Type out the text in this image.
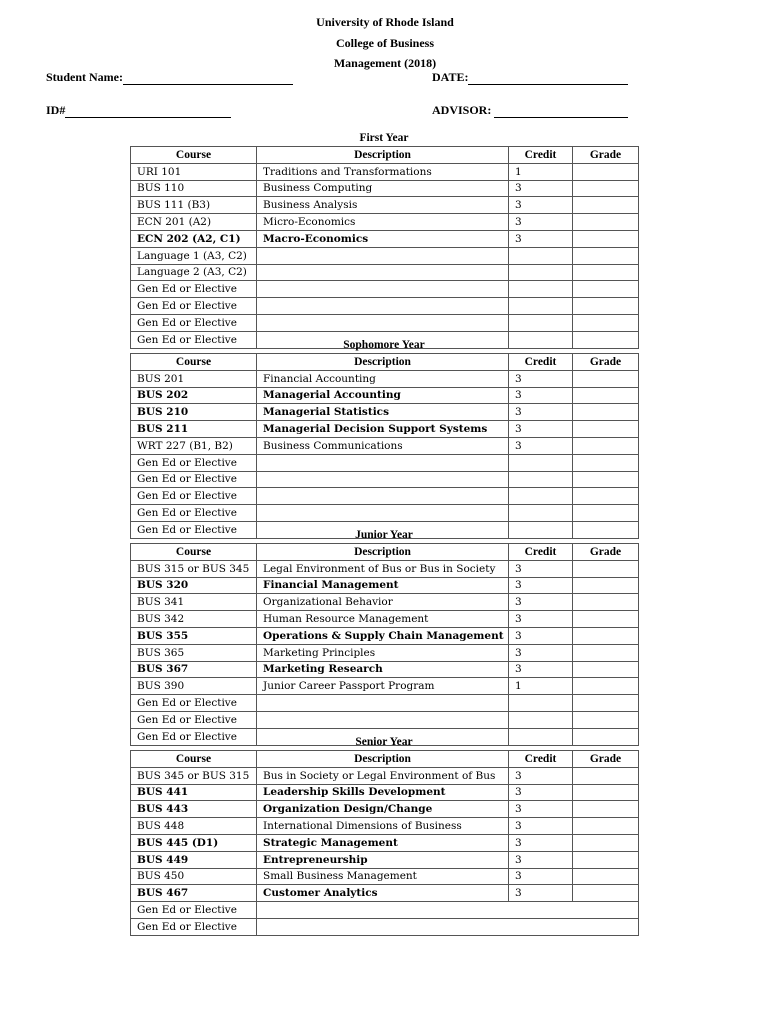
University of Rhode Island
College of Business
Management (2018)
Student Name:	DATE:
ID#	ADVISOR:
First Year
Course	Description	Credit	Grade
URI 101	Traditions and Transformations	1	
BUS 110	Business Computing	3	
BUS 111 (B3)	Business Analysis	3	
ECN 201 (A2)	Micro-Economics	3	
ECN 202 (A2, C1)	Macro-Economics	3	
Language 1 (A3, C2)			
Language 2 (A3, C2)			
Gen Ed or Elective			
Gen Ed or Elective			
Gen Ed or Elective			
Gen Ed or Elective				Sophomore Year
Course	Description	Credit	Grade
BUS 201	Financial Accounting	3	
BUS 202	Managerial Accounting	3	
BUS 210	Managerial Statistics	3	
BUS 211	Managerial Decision Support Systems	3	
WRT 227 (B1, B2)	Business Communications	3	
Gen Ed or Elective			
Gen Ed or Elective			
Gen Ed or Elective			
Gen Ed or Elective			
Gen Ed or Elective				Junior Year
Course	Description	Credit	Grade
BUS 315 or BUS 345	Legal Environment of Bus or Bus in Society	3	
BUS 320	Financial Management	3	
BUS 341	Organizational Behavior	3	
BUS 342	Human Resource Management	3	
BUS 355	Operations & Supply Chain Management	3	
BUS 365	Marketing Principles	3	
BUS 367	Marketing Research	3	
BUS 390	Junior Career Passport Program	1	
Gen Ed or Elective			
Gen Ed or Elective			
Gen Ed or Elective				Senior Year
Course	Description	Credit	Grade
BUS 345 or BUS 315	Bus in Society or Legal Environment of Bus	3	
BUS 441	Leadership Skills Development	3	
BUS 443	Organization Design/Change	3	
BUS 448	International Dimensions of Business	3	
BUS 445 (D1)	Strategic Management	3	
BUS 449	Entrepreneurship	3	
BUS 450	Small Business Management	3	
BUS 467	Customer Analytics	3	
Gen Ed or Elective			
Gen Ed or Elective			
